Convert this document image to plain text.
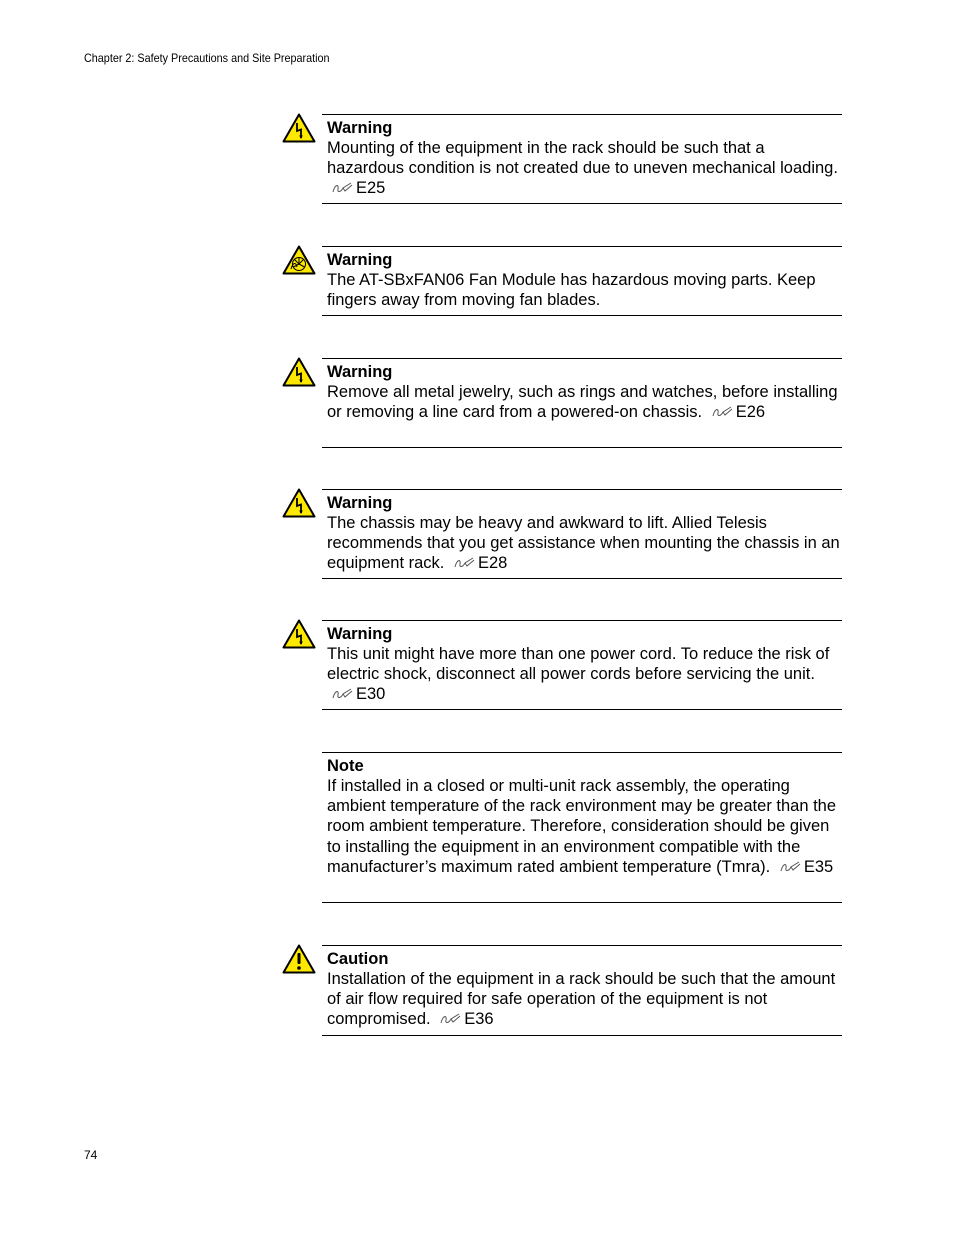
Chapter 2: Safety Precautions and Site Preparation
Warning
Mounting of the equipment in the rack should be such that a hazardous condition is not created due to uneven mechanical loading. E25
Warning
The AT-SBxFAN06 Fan Module has hazardous moving parts. Keep fingers away from moving fan blades.
Warning
Remove all metal jewelry, such as rings and watches, before installing or removing a line card from a powered-on chassis. E26
Warning
The chassis may be heavy and awkward to lift. Allied Telesis recommends that you get assistance when mounting the chassis in an equipment rack. E28
Warning
This unit might have more than one power cord. To reduce the risk of electric shock, disconnect all power cords before servicing the unit. E30
Note
If installed in a closed or multi-unit rack assembly, the operating ambient temperature of the rack environment may be greater than the room ambient temperature. Therefore, consideration should be given to installing the equipment in an environment compatible with the manufacturer’s maximum rated ambient temperature (Tmra). E35
Caution
Installation of the equipment in a rack should be such that the amount of air flow required for safe operation of the equipment is not compromised. E36
74
